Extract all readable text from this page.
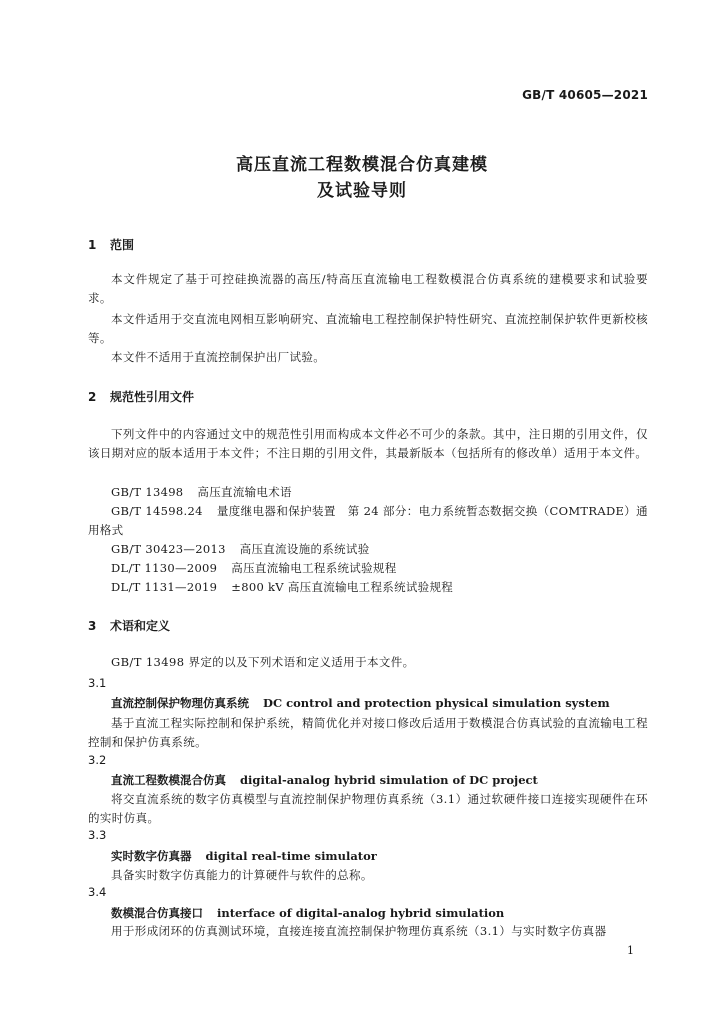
GB/T 40605—2021
高压直流工程数模混合仿真建模
及试验导则
1 范围
本文件规定了基于可控硅换流器的高压/特高压直流输电工程数模混合仿真系统的建模要求和试验要求。
本文件适用于交直流电网相互影响研究、直流输电工程控制保护特性研究、直流控制保护软件更新校核等。
本文件不适用于直流控制保护出厂试验。
2 规范性引用文件
下列文件中的内容通过文中的规范性引用而构成本文件必不可少的条款。其中，注日期的引用文件，仅该日期对应的版本适用于本文件；不注日期的引用文件，其最新版本（包括所有的修改单）适用于本文件。
GB/T 13498 高压直流输电术语
GB/T 14598.24 量度继电器和保护装置　第 24 部分：电力系统暂态数据交换（COMTRADE）通用格式
GB/T 30423—2013 高压直流设施的系统试验
DL/T 1130—2009 高压直流输电工程系统试验规程
DL/T 1131—2019 ±800 kV 高压直流输电工程系统试验规程
3 术语和定义
GB/T 13498 界定的以及下列术语和定义适用于本文件。
3.1
直流控制保护物理仿真系统 DC control and protection physical simulation system
基于直流工程实际控制和保护系统，精简优化并对接口修改后适用于数模混合仿真试验的直流输电工程控制和保护仿真系统。
3.2
直流工程数模混合仿真 digital-analog hybrid simulation of DC project
将交直流系统的数字仿真模型与直流控制保护物理仿真系统（3.1）通过软硬件接口连接实现硬件在环的实时仿真。
3.3
实时数字仿真器 digital real-time simulator
具备实时数字仿真能力的计算硬件与软件的总称。
3.4
数模混合仿真接口 interface of digital-analog hybrid simulation
用于形成闭环的仿真测试环境，直接连接直流控制保护物理仿真系统（3.1）与实时数字仿真器
1
